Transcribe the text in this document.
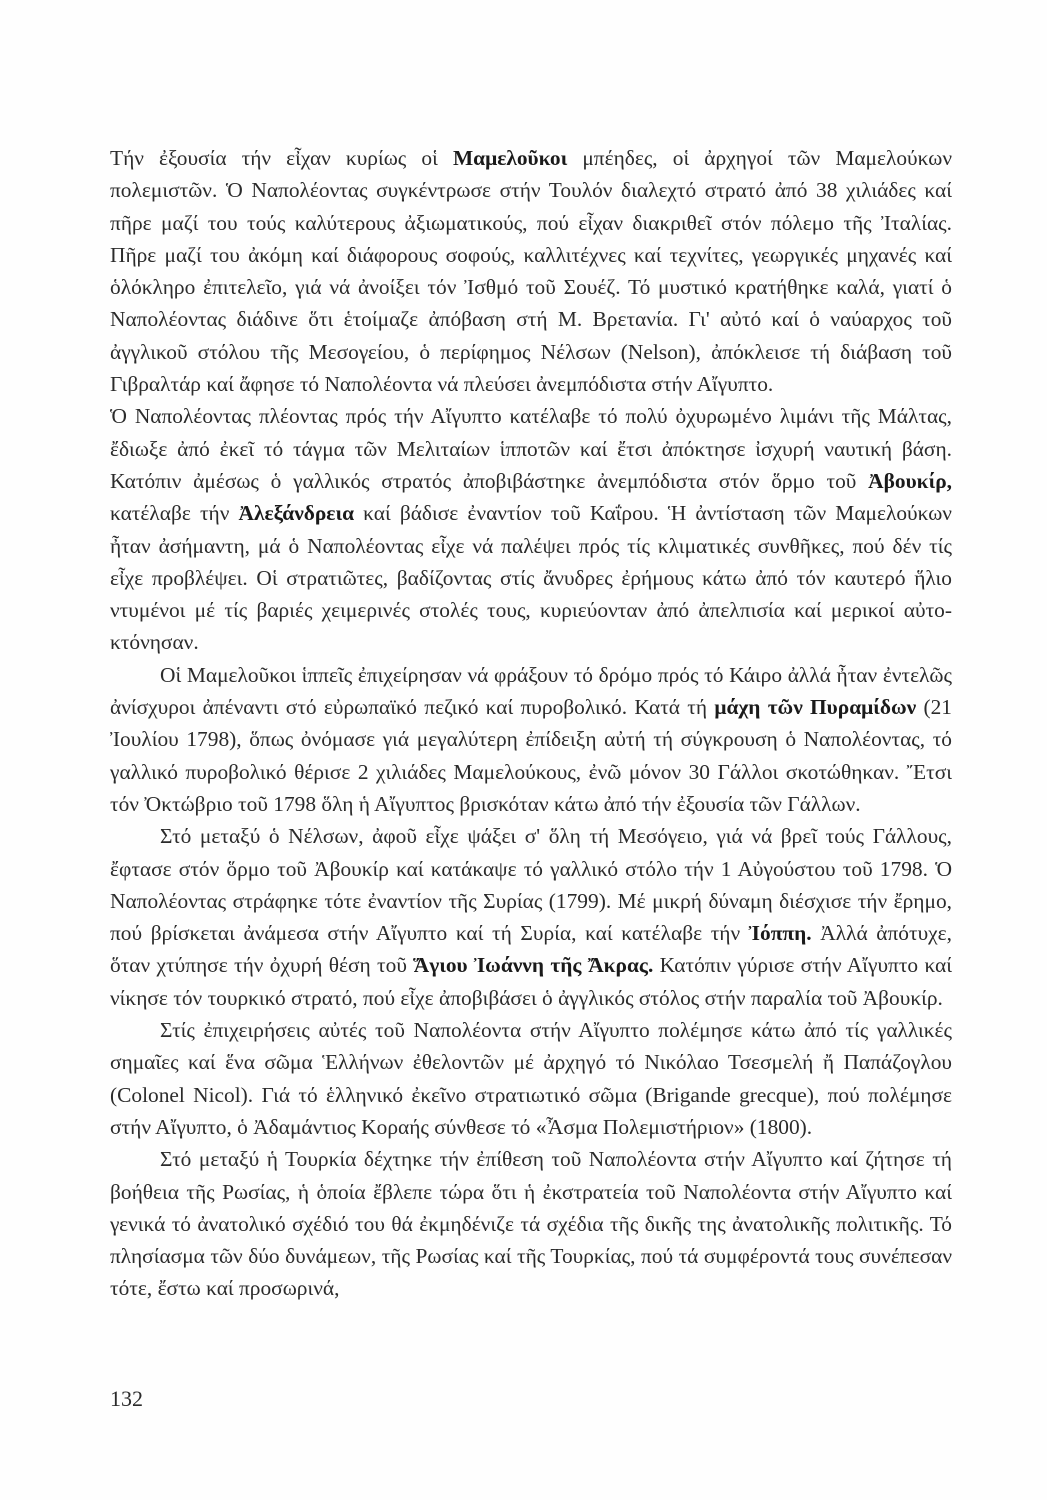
Τήν ἐξουσία τήν εἶχαν κυρίως οἱ Μαμελοῦκοι μπέηδες, οἱ ἀρχηγοί τῶν Μαμελούκων πολεμιστῶν. Ὁ Ναπολέοντας συγκέντρωσε στήν Τουλόν διαλεχτό στρατό ἀπό 38 χιλιάδες καί πῆρε μαζί του τούς καλύτερους ἀξιωματικούς, πού εἶχαν διακριθεῖ στόν πόλεμο τῆς Ἰταλίας. Πῆρε μαζί του ἀκόμη καί διάφορους σοφούς, καλλιτέχνες καί τεχνίτες, γεωργικές μηχανές καί ὁλόκληρο ἐπιτελεῖο, γιά νά ἀνοίξει τόν Ἰσθμό τοῦ Σουέζ. Τό μυστικό κρατήθηκε καλά, γιατί ὁ Ναπολέοντας διάδινε ὅτι ἑτοίμαζε ἀπόβαση στή Μ. Βρετανία. Γι' αὐτό καί ὁ ναύαρχος τοῦ ἀγγλικοῦ στόλου τῆς Μεσογείου, ὁ περίφημος Νέλσων (Nelson), ἀπόκλεισε τή διάβαση τοῦ Γιβραλτάρ καί ἄφησε τό Ναπολέοντα νά πλεύσει ἀνεμπόδιστα στήν Αἴγυπτο.

Ὁ Ναπολέοντας πλέοντας πρός τήν Αἴγυπτο κατέλαβε τό πολύ ὀχυρωμένο λιμάνι τῆς Μάλτας, ἔδιωξε ἀπό ἐκεῖ τό τάγμα τῶν Μελιταίων ἱπποτῶν καί ἔτσι ἀπόκτησε ἰσχυρή ναυτική βάση. Κατόπιν ἀμέσως ὁ γαλλικός στρατός ἀποβιβάστηκε ἀνεμπόδιστα στόν ὅρμο τοῦ Ἀβουκίρ, κατέλαβε τήν Ἀλεξάνδρεια καί βάδισε ἐναντίον τοῦ Καΐρου. Ἡ ἀντίσταση τῶν Μαμελούκων ἦταν ἀσήμαντη, μά ὁ Ναπολέοντας εἶχε νά παλέψει πρός τίς κλιματικές συνθῆκες, πού δέν τίς εἶχε προβλέψει. Οἱ στρατιῶτες, βαδίζοντας στίς ἄνυδρες ἐρήμους κάτω ἀπό τόν καυτερό ἥλιο ντυμένοι μέ τίς βαριές χειμερινές στολές τους, κυριεύονταν ἀπό ἀπελπισία καί μερικοί αὐτοκτόνησαν.

Οἱ Μαμελοῦκοι ἱππεῖς ἐπιχείρησαν νά φράξουν τό δρόμο πρός τό Κάιρο ἀλλά ἦταν ἐντελῶς ἀνίσχυροι ἀπέναντι στό εὐρωπαϊκό πεζικό καί πυροβολικό. Κατά τή μάχη τῶν Πυραμίδων (21 Ἰουλίου 1798), ὅπως ὀνόμασε γιά μεγαλύτερη ἐπίδειξη αὐτή τή σύγκρουση ὁ Ναπολέοντας, τό γαλλικό πυροβολικό θέρισε 2 χιλιάδες Μαμελούκους, ἐνῶ μόνον 30 Γάλλοι σκοτώθηκαν. Ἔτσι τόν Ὀκτώβριο τοῦ 1798 ὅλη ἡ Αἴγυπτος βρισκόταν κάτω ἀπό τήν ἐξουσία τῶν Γάλλων.

Στό μεταξύ ὁ Νέλσων, ἀφοῦ εἶχε ψάξει σ' ὅλη τή Μεσόγειο, γιά νά βρεῖ τούς Γάλλους, ἔφτασε στόν ὅρμο τοῦ Ἀβουκίρ καί κατάκαψε τό γαλλικό στόλο τήν 1 Αὐγούστου τοῦ 1798. Ὁ Ναπολέοντας στράφηκε τότε ἐναντίον τῆς Συρίας (1799). Μέ μικρή δύναμη διέσχισε τήν ἔρημο, πού βρίσκεται ἀνάμεσα στήν Αἴγυπτο καί τή Συρία, καί κατέλαβε τήν Ἰόππη. Ἀλλά ἀπότυχε, ὅταν χτύπησε τήν ὀχυρή θέση τοῦ Ἅγιου Ἰωάννη τῆς Ἄκρας. Κατόπιν γύρισε στήν Αἴγυπτο καί νίκησε τόν τουρκικό στρατό, πού εἶχε ἀποβιβάσει ὁ ἀγγλικός στόλος στήν παραλία τοῦ Ἀβουκίρ.

Στίς ἐπιχειρήσεις αὐτές τοῦ Ναπολέοντα στήν Αἴγυπτο πολέμησε κάτω ἀπό τίς γαλλικές σημαῖες καί ἕνα σῶμα Ἑλλήνων ἐθελοντῶν μέ ἀρχηγό τό Νικόλαο Τσεσμελή ἤ Παπάζογλου (Colonel Nicol). Γιά τό ἑλληνικό ἐκεῖνο στρατιωτικό σῶμα (Brigande grecque), πού πολέμησε στήν Αἴγυπτο, ὁ Ἀδαμάντιος Κοραής σύνθεσε τό «Ἆσμα Πολεμιστήριον» (1800).

Στό μεταξύ ἡ Τουρκία δέχτηκε τήν ἐπίθεση τοῦ Ναπολέοντα στήν Αἴγυπτο καί ζήτησε τή βοήθεια τῆς Ρωσίας, ἡ ὁποία ἔβλεπε τώρα ὅτι ἡ ἐκστρατεία τοῦ Ναπολέοντα στήν Αἴγυπτο καί γενικά τό ἀνατολικό σχέδιό του θά ἐκμηδένιζε τά σχέδια τῆς δικῆς της ἀνατολικῆς πολιτικῆς. Τό πλησίασμα τῶν δύο δυνάμεων, τῆς Ρωσίας καί τῆς Τουρκίας, πού τά συμφέροντά τους συνέπεσαν τότε, ἔστω καί προσωρινά,

132
